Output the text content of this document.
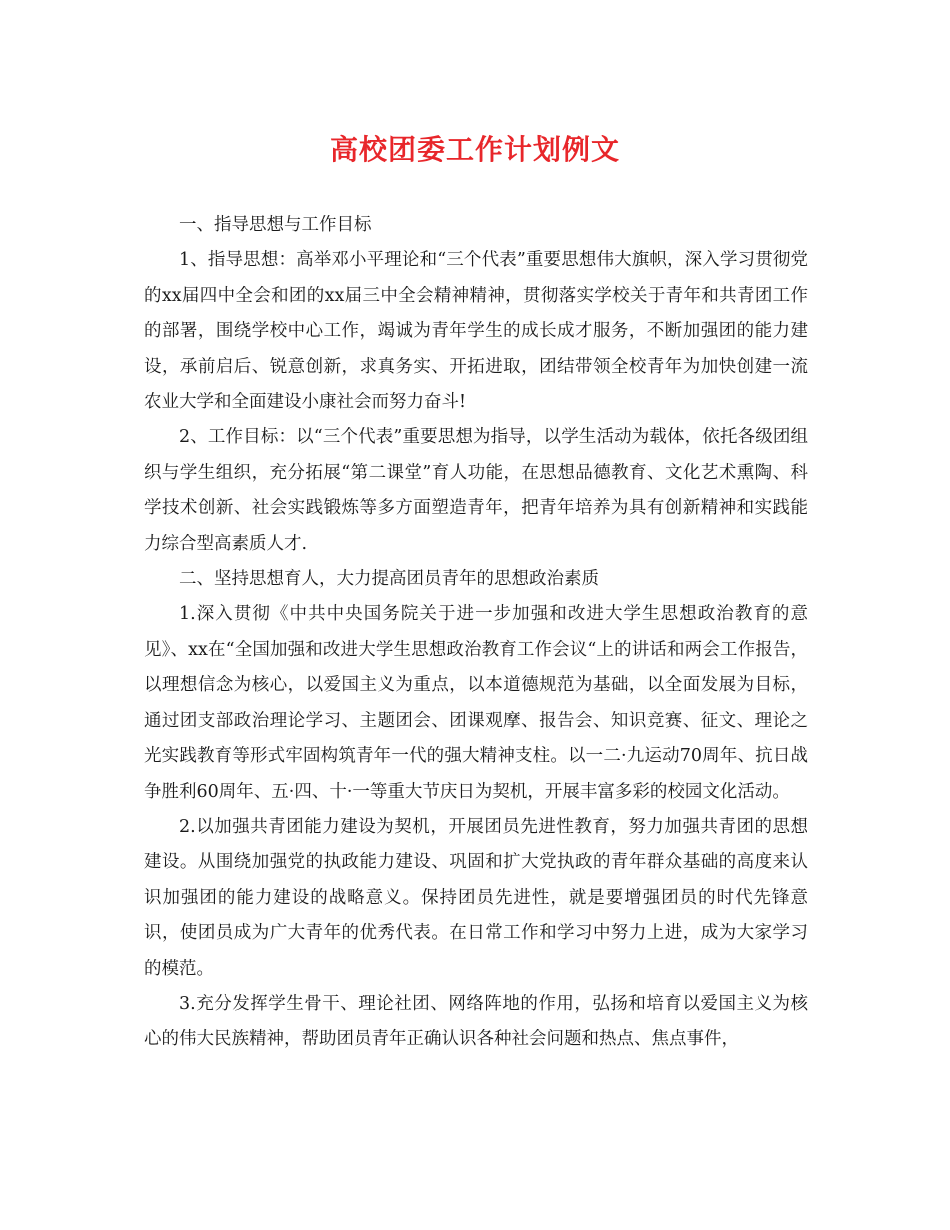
高校团委工作计划例文

一、指导思想与工作目标

1、指导思想：高举邓小平理论和“三个代表”重要思想伟大旗帜，深入学习贯彻党的xx届四中全会和团的xx届三中全会精神精神，贯彻落实学校关于青年和共青团工作的部署，围绕学校中心工作，竭诚为青年学生的成长成才服务，不断加强团的能力建设，承前启后、锐意创新，求真务实、开拓进取，团结带领全校青年为加快创建一流农业大学和全面建设小康社会而努力奋斗!

2、工作目标：以“三个代表”重要思想为指导，以学生活动为载体，依托各级团组织与学生组织，充分拓展“第二课堂”育人功能，在思想品德教育、文化艺术熏陶、科学技术创新、社会实践锻炼等多方面塑造青年，把青年培养为具有创新精神和实践能力综合型高素质人才.

二、坚持思想育人，大力提高团员青年的思想政治素质

1.深入贯彻《中共中央国务院关于进一步加强和改进大学生思想政治教育的意见》、xx在“全国加强和改进大学生思想政治教育工作会议“上的讲话和两会工作报告，以理想信念为核心，以爱国主义为重点，以本道德规范为基础，以全面发展为目标，通过团支部政治理论学习、主题团会、团课观摩、报告会、知识竞赛、征文、理论之光实践教育等形式牢固构筑青年一代的强大精神支柱。以一二·九运动70周年、抗日战争胜利60周年、五·四、十·一等重大节庆日为契机，开展丰富多彩的校园文化活动。

2.以加强共青团能力建设为契机，开展团员先进性教育，努力加强共青团的思想建设。从围绕加强党的执政能力建设、巩固和扩大党执政的青年群众基础的高度来认识加强团的能力建设的战略意义。保持团员先进性，就是要增强团员的时代先锋意识，使团员成为广大青年的优秀代表。在日常工作和学习中努力上进，成为大家学习的模范。

3.充分发挥学生骨干、理论社团、网络阵地的作用，弘扬和培育以爱国主义为核心的伟大民族精神，帮助团员青年正确认识各种社会问题和热点、焦点事件，
